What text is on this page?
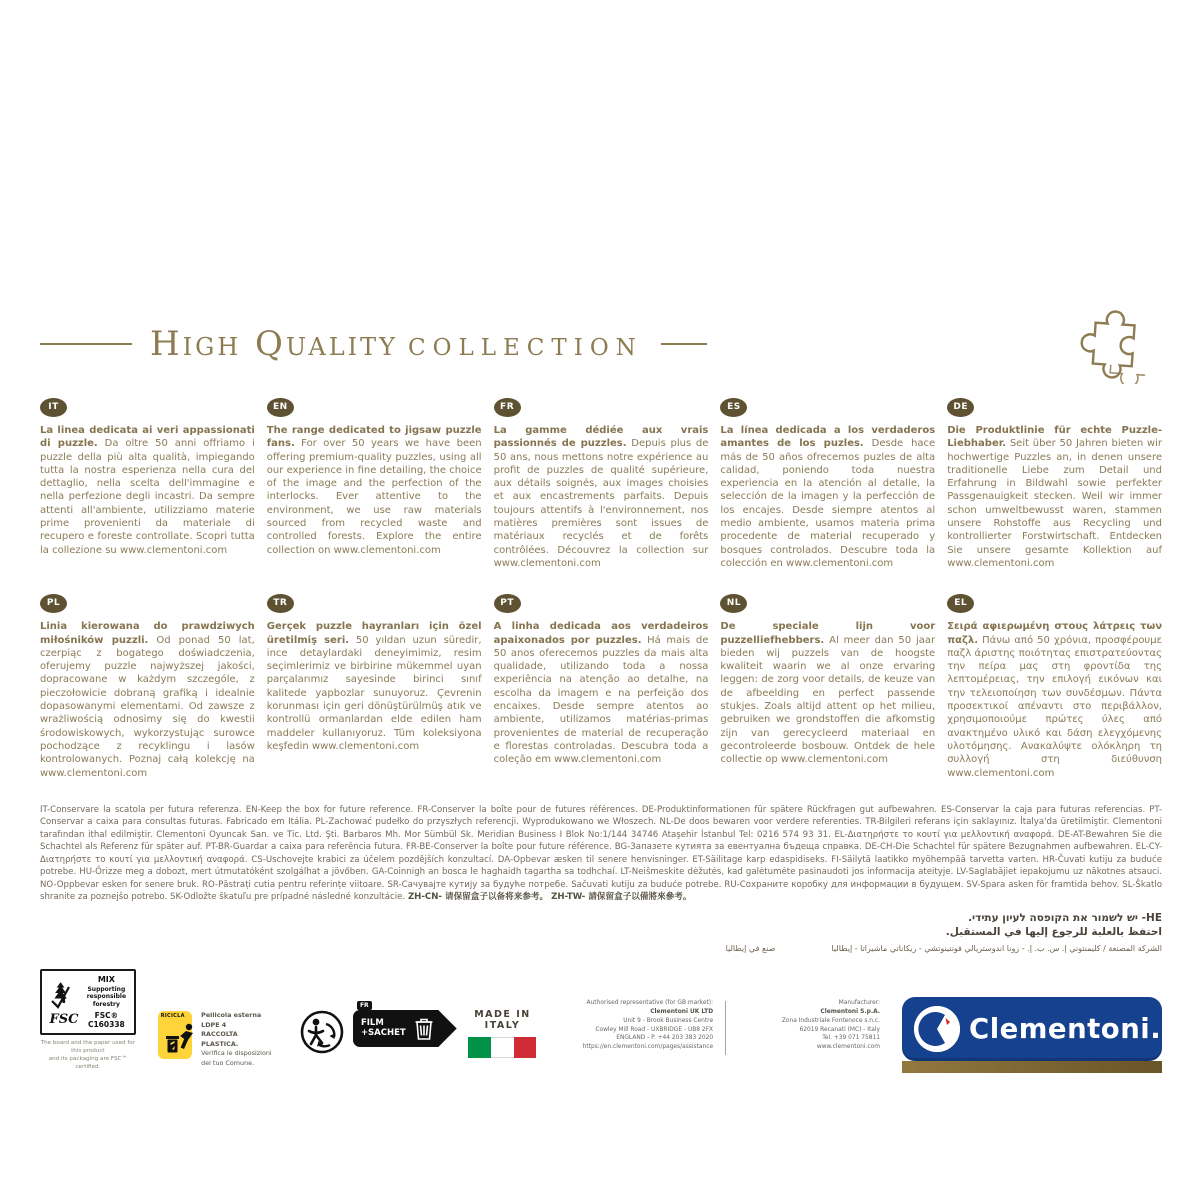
High Quality COLLECTION
IT

La linea dedicata ai veri appassionati di puzzle. Da oltre 50 anni offriamo i puzzle della più alta qualità, impiegando tutta la nostra esperienza nella cura del dettaglio, nella scelta dell'immagine e nella perfezione degli incastri. Da sempre attenti all'ambiente, utilizziamo materie prime provenienti da materiale di recupero e foreste controllate. Scopri tutta la collezione su www.clementoni.com

EN

The range dedicated to jigsaw puzzle fans. For over 50 years we have been offering premium-quality puzzles, using all our experience in fine detailing, the choice of the image and the perfection of the interlocks. Ever attentive to the environment, we use raw materials sourced from recycled waste and controlled forests. Explore the entire collection on www.clementoni.com

FR

La gamme dédiée aux vrais passionnés de puzzles. Depuis plus de 50 ans, nous mettons notre expérience au profit de puzzles de qualité supérieure, aux détails soignés, aux images choisies et aux encastrements parfaits. Depuis toujours attentifs à l'environnement, nos matières premières sont issues de matériaux recyclés et de forêts contrôlées. Découvrez la collection sur www.clementoni.com

ES

La línea dedicada a los verdaderos amantes de los puzles. Desde hace más de 50 años ofrecemos puzles de alta calidad, poniendo toda nuestra experiencia en la atención al detalle, la selección de la imagen y la perfección de los encajes. Desde siempre atentos al medio ambiente, usamos materia prima procedente de material recuperado y bosques controlados. Descubre toda la colección en www.clementoni.com

DE

Die Produktlinie für echte Puzzle- Liebhaber. Seit über 50 Jahren bieten wir hochwertige Puzzles an, in denen unsere traditionelle Liebe zum Detail und Erfahrung in Bildwahl sowie perfekter Passgenauigkeit stecken. Weil wir immer schon umweltbewusst waren, stammen unsere Rohstoffe aus Recycling und kontrollierter Forstwirtschaft. Entdecken Sie unsere gesamte Kollektion auf www.clementoni.com

PL

Linia kierowana do prawdziwych miłośników puzzli. Od ponad 50 lat, czerpiąc z bogatego doświadczenia, oferujemy puzzle najwyższej jakości, dopracowane w każdym szczególe, z pieczołowicie dobraną grafiką i idealnie dopasowanymi elementami. Od zawsze z wrażliwością odnosimy się do kwestii środowiskowych, wykorzystując surowce pochodzące z recyklingu i lasów kontrolowanych. Poznaj całą kolekcję na www.clementoni.com

TR

Gerçek puzzle hayranları için özel üretilmiş seri. 50 yıldan uzun süredir, ince detaylardaki deneyimimiz, resim seçimlerimiz ve birbirine mükemmel uyan parçalarımız sayesinde birinci sınıf kalitede yapbozlar sunuyoruz. Çevrenin korunması için geri dönüştürülmüş atık ve kontrollü ormanlardan elde edilen ham maddeler kullanıyoruz. Tüm koleksiyona keşfedin www.clementoni.com

PT

A linha dedicada aos verdadeiros apaixonados por puzzles. Há mais de 50 anos oferecemos puzzles da mais alta qualidade, utilizando toda a nossa experiência na atenção ao detalhe, na escolha da imagem e na perfeição dos encaixes. Desde sempre atentos ao ambiente, utilizamos matérias-primas provenientes de material de recuperação e florestas controladas. Descubra toda a coleção em www.clementoni.com

NL

De speciale lijn voor puzzelliefhebbers. Al meer dan 50 jaar bieden wij puzzels van de hoogste kwaliteit waarin we al onze ervaring leggen: de zorg voor details, de keuze van de afbeelding en perfect passende stukjes. Zoals altijd attent op het milieu, gebruiken we grondstoffen die afkomstig zijn van gerecycleerd materiaal en gecontroleerde bosbouw. Ontdek de hele collectie op www.clementoni.com

EL

Σειρά αφιερωμένη στους λάτρεις των παζλ. Πάνω από 50 χρόνια, προσφέρουμε παζλ άριστης ποιότητας επιστρατεύοντας την πείρα μας στη φροντίδα της λεπτομέρειας, την επιλογή εικόνων και την τελειοποίηση των συνδέσμων. Πάντα προσεκτικοί απέναντι στο περιβάλλον, χρησιμοποιούμε πρώτες ύλες από ανακτημένο υλικό και δάση ελεγχόμενης υλοτόμησης. Ανακαλύψτε ολόκληρη τη συλλογή στη διεύθυνση www.clementoni.com

IT-Conservare la scatola per futura referenza. EN-Keep the box for future reference. FR-Conserver la boîte pour de futures références. DE-Produktinformationen für spätere Rückfragen gut aufbewahren. ES-Conservar la caja para futuras referencias. PT-Conservar a caixa para consultas futuras. Fabricado em Itália. PL-Zachować pudełko do przyszłych referencji. Wyprodukowano we Włoszech. NL-De doos bewaren voor verdere referenties. TR-Bilgileri referans için saklayınız. İtalya'da üretilmiştir. Clementoni tarafından ithal edilmiştir. Clementoni Oyuncak San. ve Tic. Ltd. Şti. Barbaros Mh. Mor Sümbül Sk. Meridian Business I Blok No:1/144 34746 Ataşehir İstanbul Tel: 0216 574 93 31. EL-Διατηρήστε το κουτί για μελλοντική αναφορά. DE-AT-Bewahren Sie die Schachtel als Referenz für später auf. PT-BR-Guardar a caixa para referência futura. FR-BE-Conserver la boîte pour future référence. BG-Запазете кутията за евентуална бъдеща справка. DE-CH-Die Schachtel für spätere Bezugnahmen aufbewahren. EL-CY-Διατηρήστε το κουτί για μελλοντική αναφορά. CS-Uschovejte krabici za účelem pozdějších konzultací. DA-Opbevar æsken til senere henvisninger. ET-Säilitage karp edaspidiseks. FI-Säilytä laatikko myöhempää tarvetta varten. HR-Čuvati kutiju za buduće potrebe. HU-Őrizze meg a dobozt, mert útmutatóként szolgálhat a jövőben. GA-Coinnigh an bosca le haghaidh tagartha sa todhchaí. LT-Neišmeskite dėžutės, kad galėtumėte pasinaudoti jos informacija ateityje. LV-Saglabājiet iepakojumu uz nākotnes atsauci. NO-Oppbevar esken for senere bruk. RO-Păstrați cutia pentru referințe viitoare. SR-Сачувајте кутију за будуће потребе. Sačuvati kutiju za buduće potrebe. RU-Сохраните коробку для информации в будущем. SV-Spara asken för framtida behov. SL-Škatlo shranite za poznejšo potrebo. SK-Odložte škatuľu pre prípadné následné konzultácie. ZH-CN- 请保留盒子以备将来参考。 ZH-TW- 請保留盒子以備將來參考。

HE- יש לשמור את הקופסה לעיון עתידי.
احتفظ بالعلبة للرجوع إليها في المستقبل.
صنع في إيطاليا	الشركة المصنعة / كليمنتوني إ. س. ب. إ. - زونا اندوستريالي فونتينوتشي - ريكاناتي ماشيراتا - إيطاليا
FSC
MIX
Supporting responsible forestry
FSC® C160338
The board and the paper used for this product
and its packaging are FSC™ certified.
RICICLA	Pellicola esterna
LDPE 4
RACCOLTA PLASTICA.
Verifica le disposizioni
del tuo Comune.
FR
FILM
+SACHET
MADE IN ITALY
Authorised representative (for GB market):
Clementoni UK LTD
Unit 9 - Brook Business Centre
Cowley Mill Road - UXBRIDGE - UB8 2FX
ENGLAND - P. +44 203 383 2020
https://en.clementoni.com/pages/assistance
Manufacturer:
Clementoni S.p.A.
Zona Industriale Fontenoce s.n.c.
62019 Recanati (MC) - Italy
Tel. +39 071 75811
www.clementoni.com
Clementoni.
